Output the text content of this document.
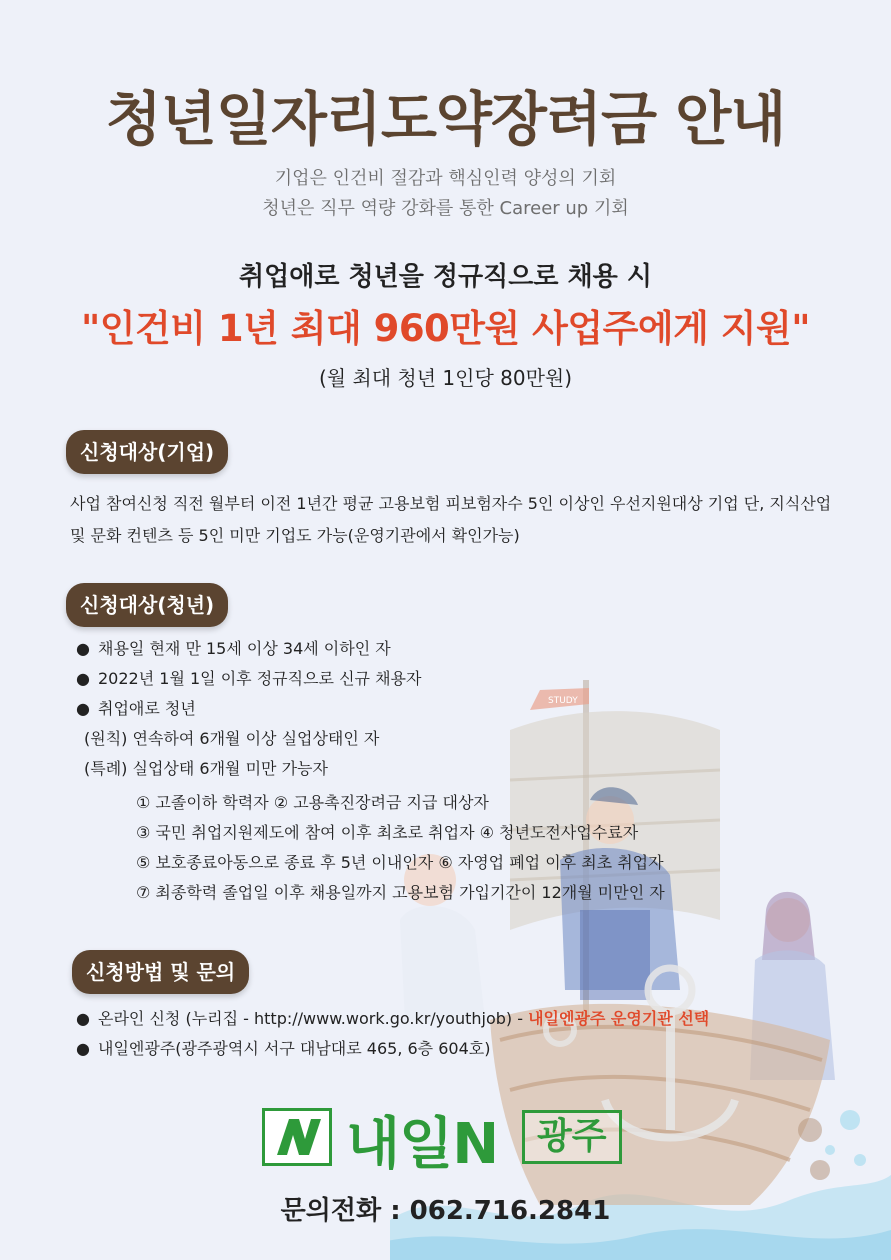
STUDY
청년일자리도약장려금 안내
기업은 인건비 절감과 핵심인력 양성의 기회
청년은 직무 역량 강화를 통한 Career up 기회
취업애로 청년을 정규직으로 채용 시
"인건비 1년 최대 960만원 사업주에게 지원"
(월 최대 청년 1인당 80만원)
신청대상(기업)
사업 참여신청 직전 월부터 이전 1년간 평균 고용보험 피보험자수 5인 이상인 우선지원대상 기업 단, 지식산업 및 문화 컨텐츠 등 5인 미만 기업도 가능(운영기관에서 확인가능)
신청대상(청년)
● 채용일 현재 만 15세 이상 34세 이하인 자
● 2022년 1월 1일 이후 정규직으로 신규 채용자
● 취업애로 청년
(원칙) 연속하여 6개월 이상 실업상태인 자
(특례) 실업상태 6개월 미만 가능자
① 고졸이하 학력자 ② 고용촉진장려금 지급 대상자
③ 국민 취업지원제도에 참여 이후 최초로 취업자 ④ 청년도전사업수료자
⑤ 보호종료아동으로 종료 후 5년 이내인자 ⑥ 자영업 폐업 이후 최초 취업자
⑦ 최종학력 졸업일 이후 채용일까지 고용보험 가입기간이 12개월 미만인 자
신청방법 및 문의
● 온라인 신청 (누리집 - http://www.work.go.kr/youthjob) - 내일엔광주 운영기관 선택
● 내일엔광주(광주광역시 서구 대남대로 465, 6층 604호)
내일N	광주
문의전화 : 062.716.2841
